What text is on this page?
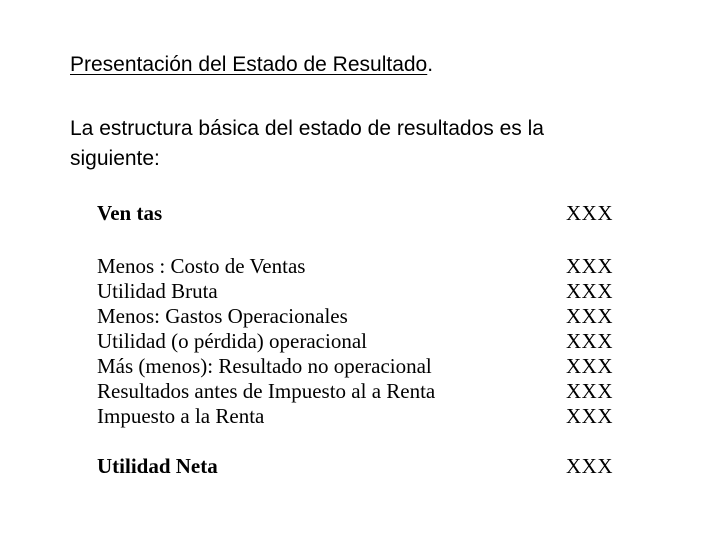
Presentación del Estado de Resultado.
La estructura básica del estado de resultados es la siguiente:
Ven tas	XXX
Menos : Costo de Ventas	XXX
Utilidad Bruta	XXX
Menos: Gastos Operacionales	XXX
Utilidad (o pérdida) operacional	XXX
Más (menos): Resultado no operacional	XXX
Resultados antes de Impuesto al a Renta	XXX
Impuesto a la Renta	XXX
Utilidad Neta	XXX
